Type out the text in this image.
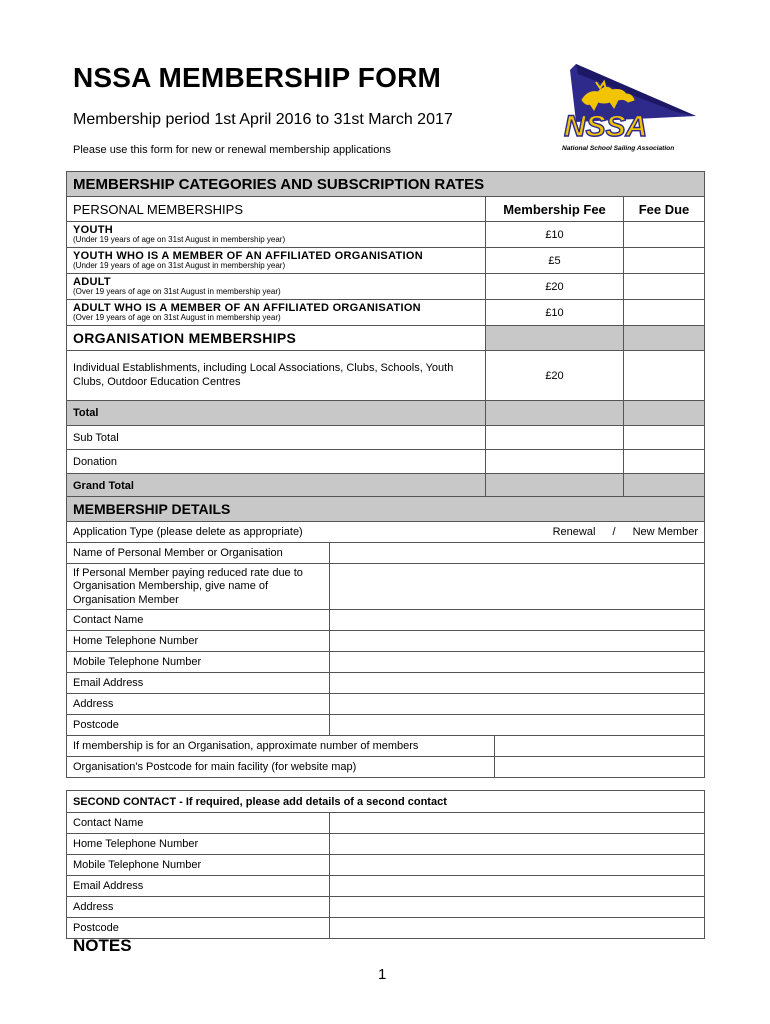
NSSA MEMBERSHIP FORM
Membership period 1st April 2016 to 31st March 2017
Please use this form for new or renewal membership applications
NSSA
National School Sailing Association
MEMBERSHIP CATEGORIES AND SUBSCRIPTION RATES		
PERSONAL MEMBERSHIPS	Membership Fee	Fee Due

YOUTH
(Under 19 years of age on 31st August in membership year)	£10	

YOUTH WHO IS A MEMBER OF AN AFFILIATED ORGANISATION
(Under 19 years of age on 31st August in membership year)	£5	

ADULT
(Over 19 years of age on 31st August in membership year)	£20	

ADULT WHO IS A MEMBER OF AN AFFILIATED ORGANISATION
(Over 19 years of age on 31st August in membership year)	£10	
ORGANISATION MEMBERSHIPS		
Individual Establishments, including Local Associations, Clubs, Schools, Youth Clubs, Outdoor Education Centres	£20	
Total		
Sub Total		
Donation		
Grand Total		
MEMBERSHIP DETAILS		

Application Type (please delete as appropriate) Renewal / New Member		

Name of Personal Member or Organisation		
If Personal Member paying reduced rate due to Organisation Membership, give name of Organisation Member		
Contact Name		
Home Telephone Number		
Mobile Telephone Number		
Email Address		
Address		
Postcode		
If membership is for an Organisation, approximate number of members		
Organisation's Postcode for main facility (for website map)		
SECOND CONTACT - If required, please add details of a second contact	
Contact Name	
Home Telephone Number	
Mobile Telephone Number	
Email Address	
Address	
Postcode	
NOTES
1
